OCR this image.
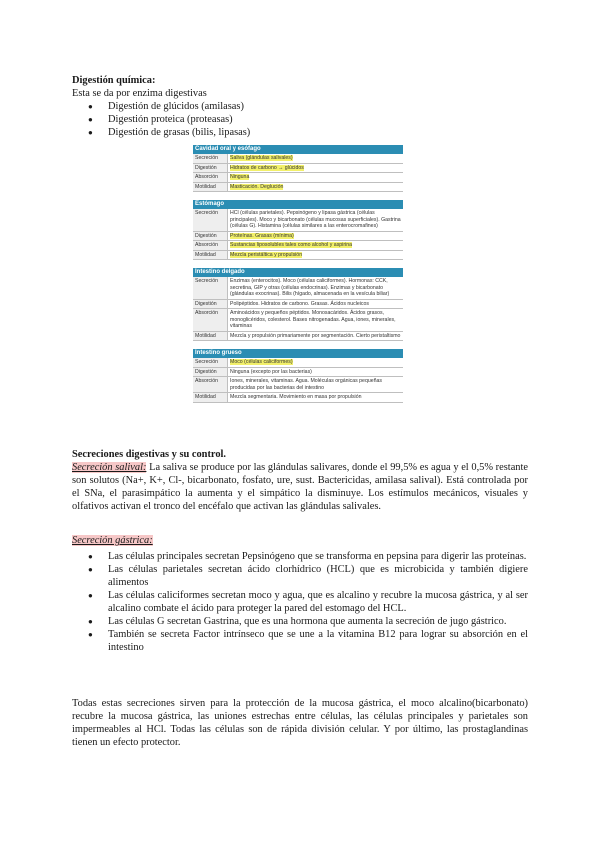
Digestión química:

Esta se da por enzima digestivas

● Digestión de glúcidos (amilasas)
● Digestión proteica (proteasas)
● Digestión de grasas (bilis, lipasas)
Cavidad oral y esófago
Secreción	Saliva (glándulas salivales)
Digestión	Hidratos de carbono → glúcidos
Absorción	Ninguna
Motilidad	Masticación. Deglución
Estómago
Secreción	HCl (células parietales). Pepsinógeno y lipasa gástrica (células principales). Moco y bicarbonato (células mucosas superficiales). Gastrina (células G). Histamina (células similares a las enterocromafines)
Digestión	Proteínas. Grasas (mínima)
Absorción	Sustancias liposolubles tales como alcohol y aspirina
Motilidad	Mezcla peristáltica y propulsión
Intestino delgado
Secreción	Enzimas (enterocitos). Moco (células caliciformes). Hormonas: CCK, secretina, GIP y otras (células endocrinas). Enzimas y bicarbonato (glándulas exocrinas). Bilis (hígado, almacenada en la vesícula biliar)
Digestión	Polipéptidos. Hidratos de carbono. Grasas. Ácidos nucleicos
Absorción	Aminoácidos y pequeños péptidos. Monosacáridos. Ácidos grasos, monoglicéridos, colesterol. Bases nitrogenadas. Agua, iones, minerales, vitaminas
Motilidad	Mezcla y propulsión primariamente por segmentación. Cierto peristaltismo
Intestino grueso
Secreción	Moco (células caliciformes)
Digestión	Ninguna (excepto por las bacterias)
Absorción	Iones, minerales, vitaminas. Agua. Moléculas orgánicas pequeñas producidas por las bacterias del intestino
Motilidad	Mezcla segmentaria. Movimiento en masa por propulsión

Secreciones digestivas y su control.

Secreción salival: La saliva se produce por las glándulas salivares, donde el 99,5% es agua y el 0,5% restante son solutos (Na+, K+, Cl-, bicarbonato, fosfato, ure, sust. Bactericidas, amilasa salival). Está controlada por el SNa, el parasimpático la aumenta y el simpático la disminuye. Los estímulos mecánicos, visuales y olfativos activan el tronco del encéfalo que activan las glándulas salivales.

Secreción gástrica:

● Las células principales secretan Pepsinógeno que se transforma en pepsina para digerir las proteínas.
● Las células parietales secretan ácido clorhídrico (HCL) que es microbicida y también digiere alimentos
● Las células caliciformes secretan moco y agua, que es alcalino y recubre la mucosa gástrica, y al ser alcalino combate el ácido para proteger la pared del estomago del HCL.
● Las células G secretan Gastrina, que es una hormona que aumenta la secreción de jugo gástrico.
● También se secreta Factor intrínseco que se une a la vitamina B12 para lograr su absorción en el intestino

Todas estas secreciones sirven para la protección de la mucosa gástrica, el moco alcalino(bicarbonato) recubre la mucosa gástrica, las uniones estrechas entre células, las células principales y parietales son impermeables al HCl. Todas las células son de rápida división celular. Y por último, las prostaglandinas tienen un efecto protector.
